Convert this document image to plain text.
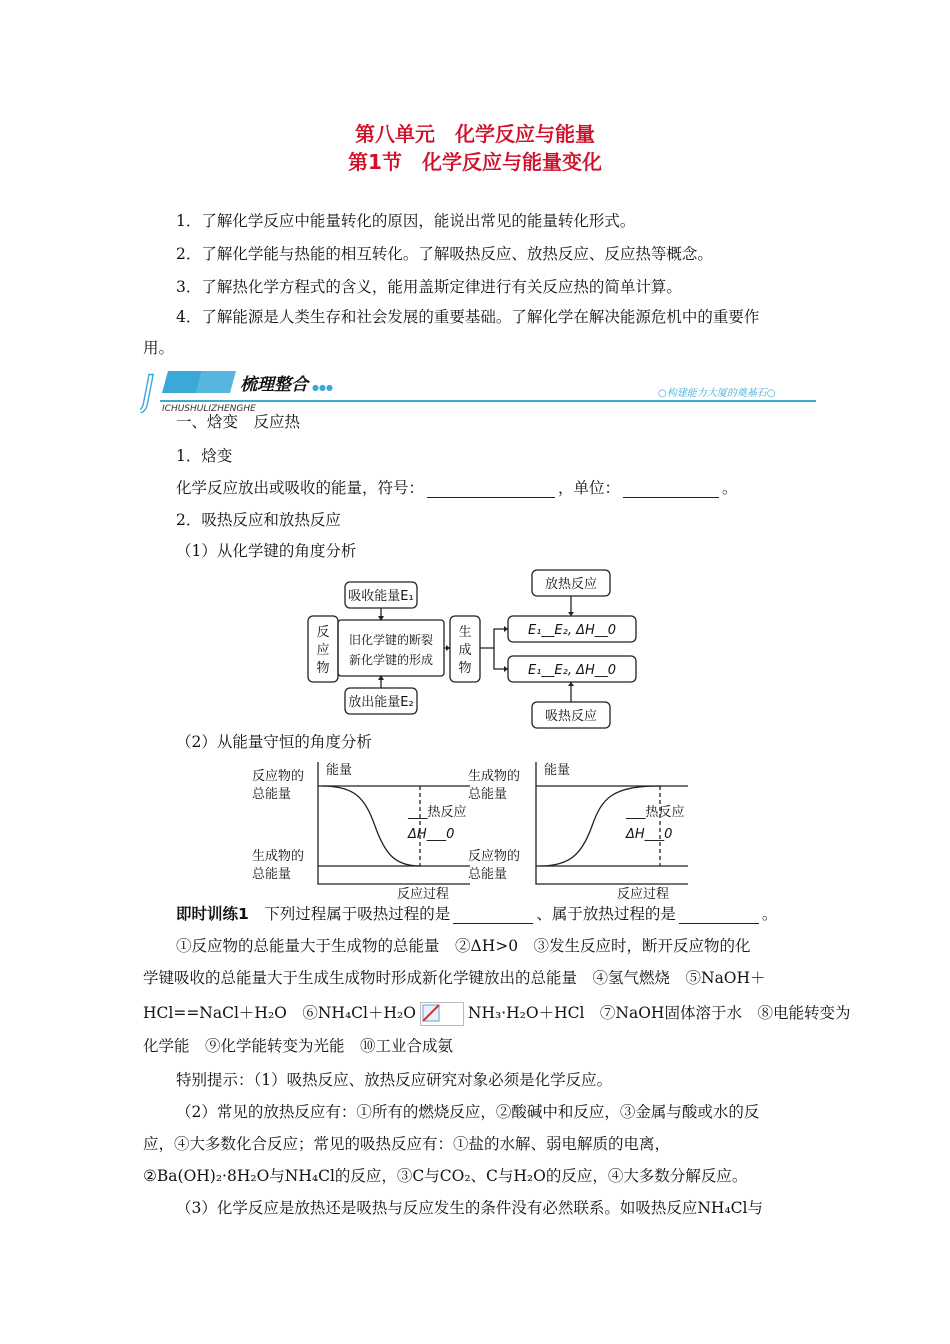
第八单元　化学反应与能量
第1节　化学反应与能量变化
1．了解化学反应中能量转化的原因，能说出常见的能量转化形式。
2．了解化学能与热能的相互转化。了解吸热反应、放热反应、反应热等概念。
3．了解热化学方程式的含义，能用盖斯定律进行有关反应热的简单计算。
4．了解能源是人类生存和社会发展的重要基础。了解化学在解决能源危机中的重要作
用。
J	梳理整合 ●●●
ICHUSHULIZHENGHE
○构建能力大厦的奠基石○
一、焓变　反应热
1．焓变
化学反应放出或吸收的能量，符号：	，单位：	。
2．吸热反应和放热反应
（1）从化学键的角度分析
吸收能量E₁
放出能量E₂
反
应
物
旧化学键的断裂
新化学键的形成
生
成
物
放热反应
吸热反应
E₁__E₂, ΔH__0
E₁__E₂, ΔH__0
（2）从能量守恒的角度分析
反应物的
总能量
生成物的
总能量
能量
反应过程
___热反应
ΔH___0
生成物的
总能量
反应物的
总能量
能量
反应过程
___热反应
ΔH___0
即时训练1　下列过程属于吸热过程的是	、属于放热过程的是	。
①反应物的总能量大于生成物的总能量　②ΔH>0　③发生反应时，断开反应物的化
学键吸收的总能量大于生成生成物时形成新化学键放出的总能量　④氢气燃烧　⑤NaOH＋
HCl==NaCl＋H₂O　⑥NH₄Cl＋H₂O	NH₃·H₂O＋HCl　⑦NaOH固体溶于水　⑧电能转变为
化学能　⑨化学能转变为光能　⑩工业合成氨
特别提示：（1）吸热反应、放热反应研究对象必须是化学反应。
（2）常见的放热反应有：①所有的燃烧反应，②酸碱中和反应，③金属与酸或水的反
应，④大多数化合反应；常见的吸热反应有：①盐的水解、弱电解质的电离，
②Ba(OH)₂·8H₂O与NH₄Cl的反应，③C与CO₂、C与H₂O的反应，④大多数分解反应。
（3）化学反应是放热还是吸热与反应发生的条件没有必然联系。如吸热反应NH₄Cl与
